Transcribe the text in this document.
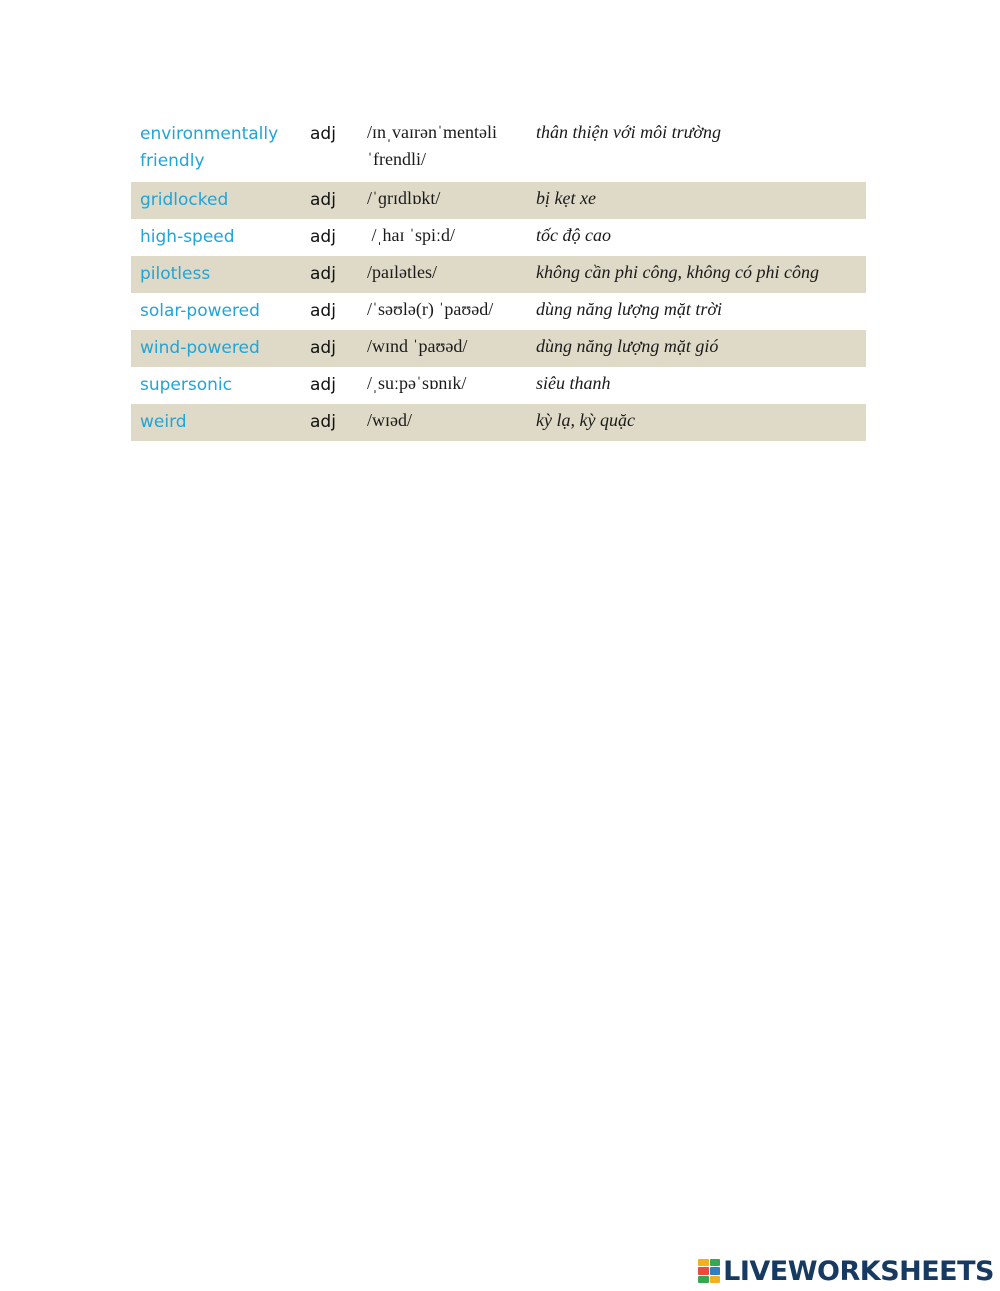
environmentally friendly	adj	/ɪnˌvaɪrənˈmentəli ˈfrendli/	thân thiện với môi trường
gridlocked	adj	/ˈɡrɪdlɒkt/	bị kẹt xe
high-speed	adj	/ˌhaɪ ˈspiːd/	tốc độ cao
pilotless	adj	/paɪlətles/	không cần phi công, không có phi công
solar-powered	adj	/ˈsəʊlə(r) ˈpaʊəd/	dùng năng lượng mặt trời
wind-powered	adj	/wɪnd ˈpaʊəd/	dùng năng lượng mặt gió
supersonic	adj	/ˌsuːpəˈsɒnɪk/	siêu thanh
weird	adj	/wɪəd/	kỳ lạ, kỳ quặc
LIVEWORKSHEETS
